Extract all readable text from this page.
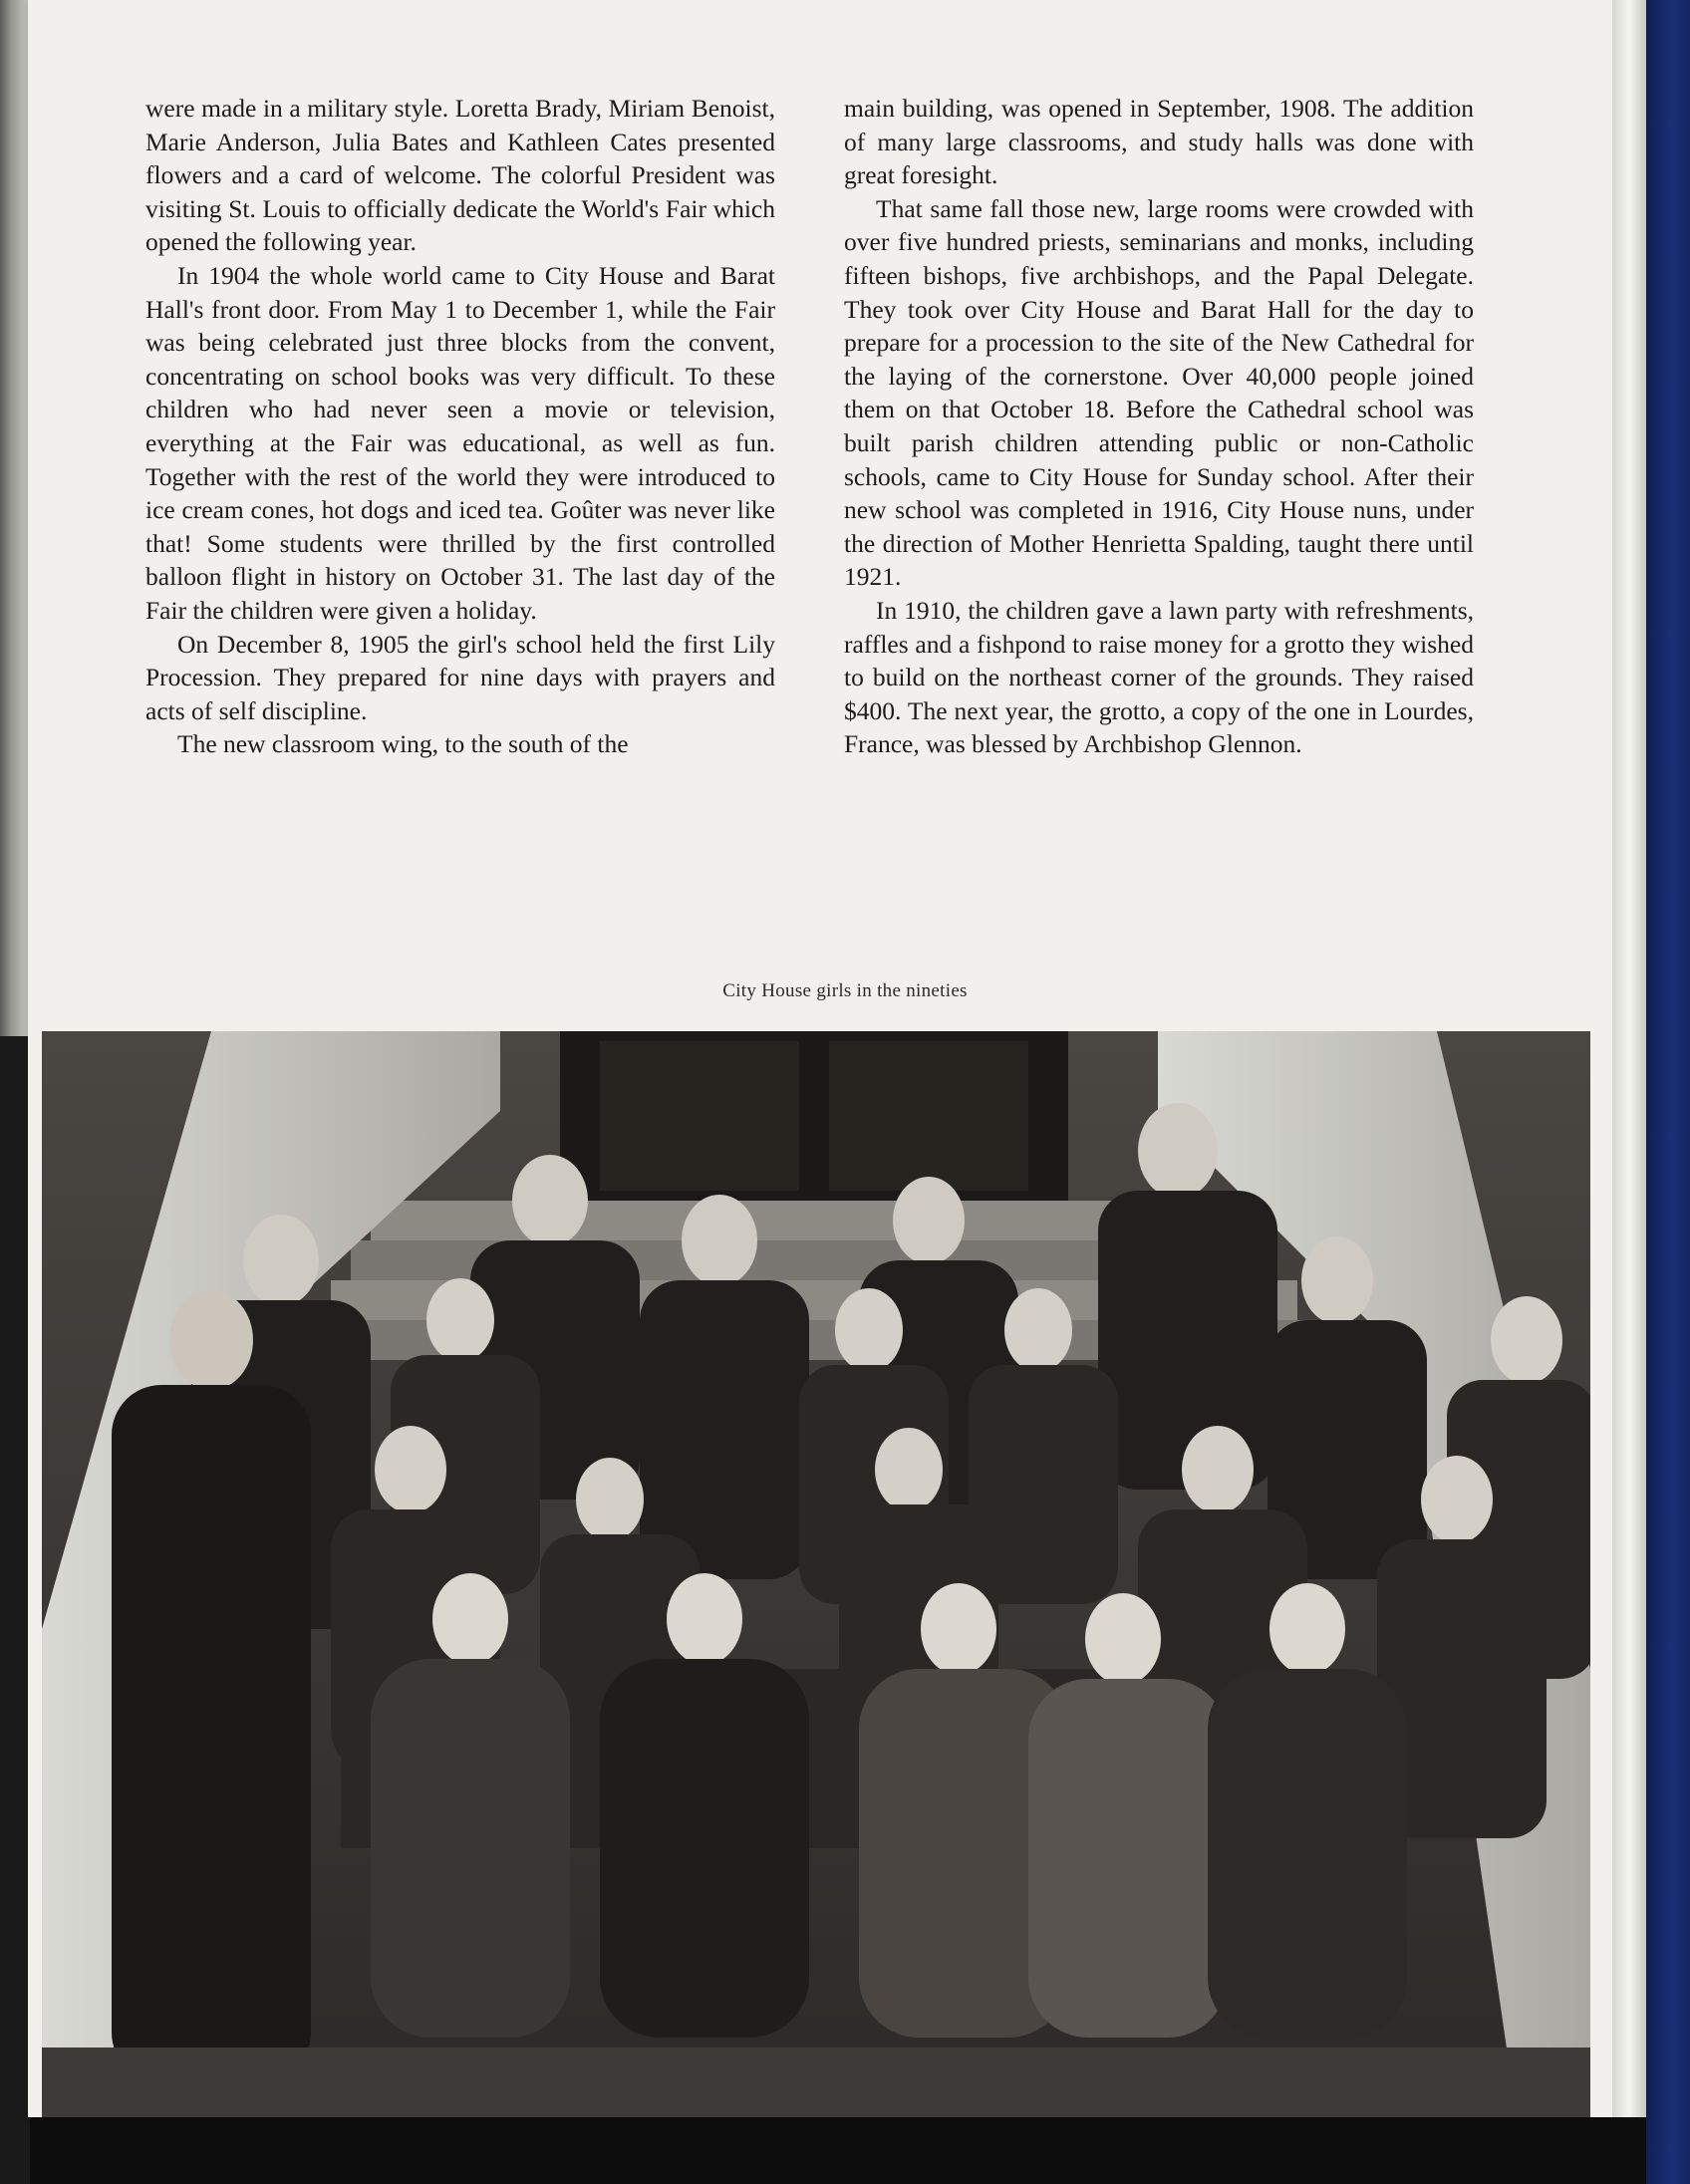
were made in a military style. Loretta Brady, Miriam Benoist, Marie Anderson, Julia Bates and Kathleen Cates presented flowers and a card of welcome. The colorful President was visiting St. Louis to officially dedicate the World's Fair which opened the following year.

In 1904 the whole world came to City House and Barat Hall's front door. From May 1 to December 1, while the Fair was being celebrated just three blocks from the convent, concentrating on school books was very difficult. To these children who had never seen a movie or television, everything at the Fair was educational, as well as fun. Together with the rest of the world they were introduced to ice cream cones, hot dogs and iced tea. Goûter was never like that! Some students were thrilled by the first controlled balloon flight in history on October 31. The last day of the Fair the children were given a holiday.

On December 8, 1905 the girl's school held the first Lily Procession. They prepared for nine days with prayers and acts of self discipline.

The new classroom wing, to the south of the

main building, was opened in September, 1908. The addition of many large classrooms, and study halls was done with great foresight.

That same fall those new, large rooms were crowded with over five hundred priests, seminarians and monks, including fifteen bishops, five archbishops, and the Papal Delegate. They took over City House and Barat Hall for the day to prepare for a procession to the site of the New Cathedral for the laying of the cornerstone. Over 40,000 people joined them on that October 18. Before the Cathedral school was built parish children attending public or non-Catholic schools, came to City House for Sunday school. After their new school was completed in 1916, City House nuns, under the direction of Mother Henrietta Spalding, taught there until 1921.

In 1910, the children gave a lawn party with refreshments, raffles and a fishpond to raise money for a grotto they wished to build on the northeast corner of the grounds. They raised $400. The next year, the grotto, a copy of the one in Lourdes, France, was blessed by Archbishop Glennon.

City House girls in the nineties
